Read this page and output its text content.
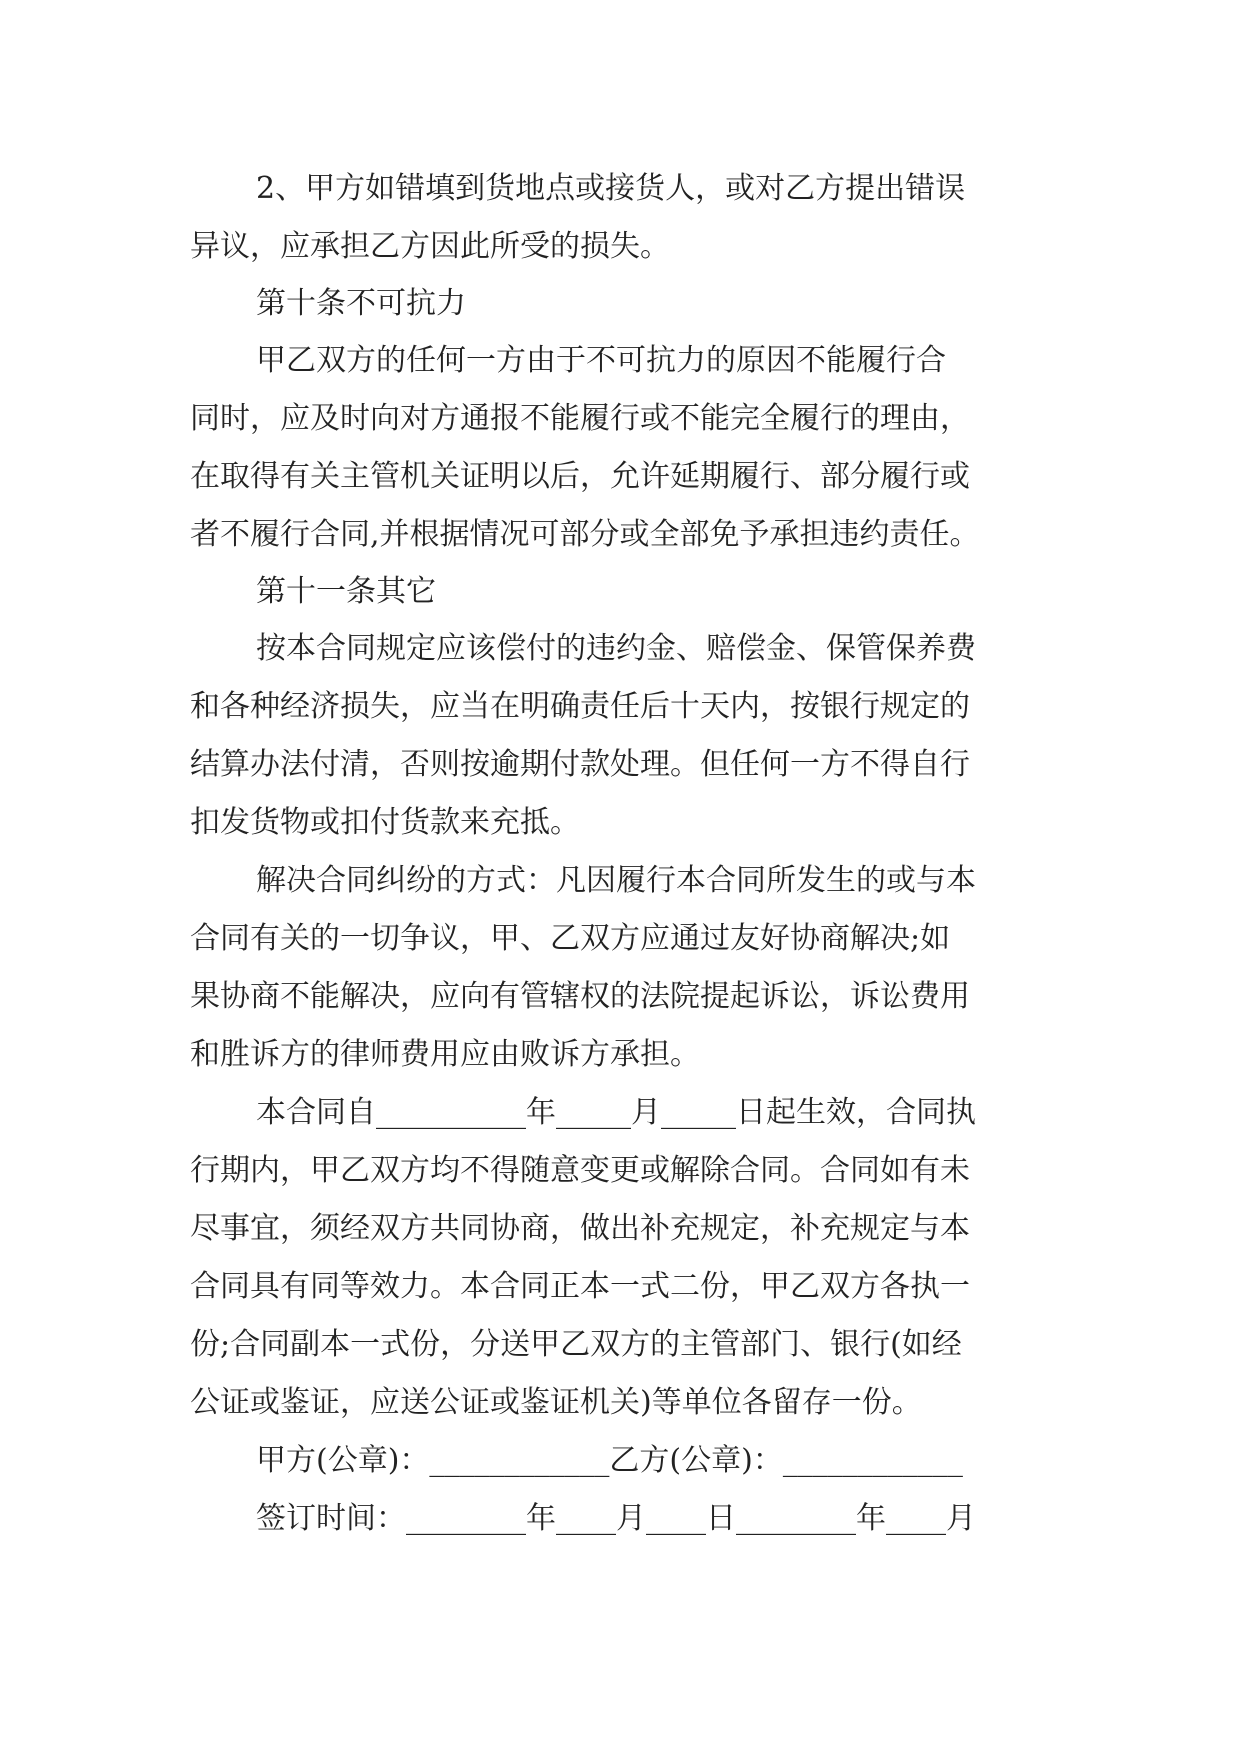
2、甲方如错填到货地点或接货人，或对乙方提出错误
异议，应承担乙方因此所受的损失。
第十条不可抗力
甲乙双方的任何一方由于不可抗力的原因不能履行合
同时，应及时向对方通报不能履行或不能完全履行的理由，
在取得有关主管机关证明以后，允许延期履行、部分履行或
者不履行合同,并根据情况可部分或全部免予承担违约责任。
第十一条其它
按本合同规定应该偿付的违约金、赔偿金、保管保养费
和各种经济损失，应当在明确责任后十天内，按银行规定的
结算办法付清，否则按逾期付款处理。但任何一方不得自行
扣发货物或扣付货款来充抵。
解决合同纠纷的方式：凡因履行本合同所发生的或与本
合同有关的一切争议，甲、乙双方应通过友好协商解决;如
果协商不能解决，应向有管辖权的法院提起诉讼，诉讼费用
和胜诉方的律师费用应由败诉方承担。
本合同自__________年_____月_____日起生效，合同执
行期内，甲乙双方均不得随意变更或解除合同。合同如有未
尽事宜，须经双方共同协商，做出补充规定，补充规定与本
合同具有同等效力。本合同正本一式二份，甲乙双方各执一
份;合同副本一式份，分送甲乙双方的主管部门、银行(如经
公证或鉴证，应送公证或鉴证机关)等单位各留存一份。
甲方(公章)：____________乙方(公章)：____________
签订时间：________年____月____日________年____月
